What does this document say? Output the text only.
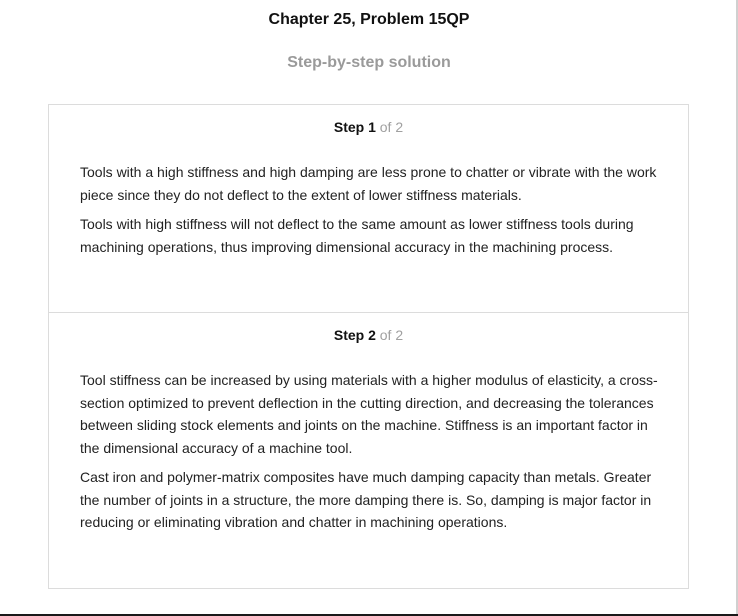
Chapter 25, Problem 15QP
Step-by-step solution
Step 1 of 2

Tools with a high stiffness and high damping are less prone to chatter or vibrate with the work piece since they do not deflect to the extent of lower stiffness materials.

Tools with high stiffness will not deflect to the same amount as lower stiffness tools during machining operations, thus improving dimensional accuracy in the machining process.

Step 2 of 2

Tool stiffness can be increased by using materials with a higher modulus of elasticity, a cross-section optimized to prevent deflection in the cutting direction, and decreasing the tolerances between sliding stock elements and joints on the machine. Stiffness is an important factor in the dimensional accuracy of a machine tool.

Cast iron and polymer-matrix composites have much damping capacity than metals. Greater the number of joints in a structure, the more damping there is. So, damping is major factor in reducing or eliminating vibration and chatter in machining operations.
